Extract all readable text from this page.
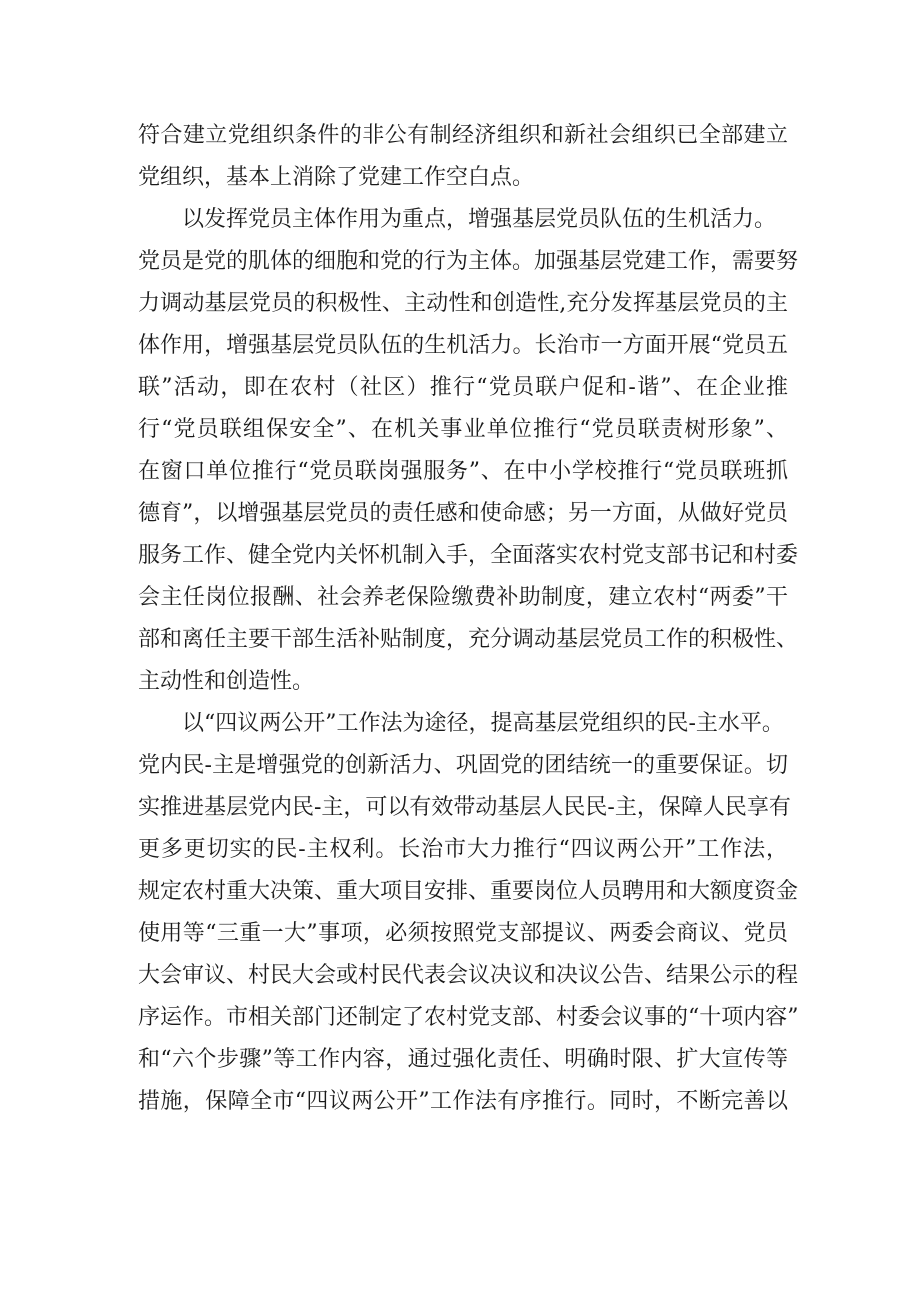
符合建立党组织条件的非公有制经济组织和新社会组织已全部建立
党组织，基本上消除了党建工作空白点。
以发挥党员主体作用为重点，增强基层党员队伍的生机活力。
党员是党的肌体的细胞和党的行为主体。加强基层党建工作，需要努
力调动基层党员的积极性、主动性和创造性,充分发挥基层党员的主
体作用，增强基层党员队伍的生机活力。长治市一方面开展“党员五
联”活动，即在农村（社区）推行“党员联户促和-谐”、在企业推
行“党员联组保安全”、在机关事业单位推行“党员联责树形象”、
在窗口单位推行“党员联岗强服务”、在中小学校推行“党员联班抓
德育”，以增强基层党员的责任感和使命感；另一方面，从做好党员
服务工作、健全党内关怀机制入手，全面落实农村党支部书记和村委
会主任岗位报酬、社会养老保险缴费补助制度，建立农村“两委”干
部和离任主要干部生活补贴制度，充分调动基层党员工作的积极性、
主动性和创造性。
以“四议两公开”工作法为途径，提高基层党组织的民-主水平。
党内民-主是增强党的创新活力、巩固党的团结统一的重要保证。切
实推进基层党内民-主，可以有效带动基层人民民-主，保障人民享有
更多更切实的民-主权利。长治市大力推行“四议两公开”工作法，
规定农村重大决策、重大项目安排、重要岗位人员聘用和大额度资金
使用等“三重一大”事项，必须按照党支部提议、两委会商议、党员
大会审议、村民大会或村民代表会议决议和决议公告、结果公示的程
序运作。市相关部门还制定了农村党支部、村委会议事的“十项内容”
和“六个步骤”等工作内容，通过强化责任、明确时限、扩大宣传等
措施，保障全市“四议两公开”工作法有序推行。同时，不断完善以
